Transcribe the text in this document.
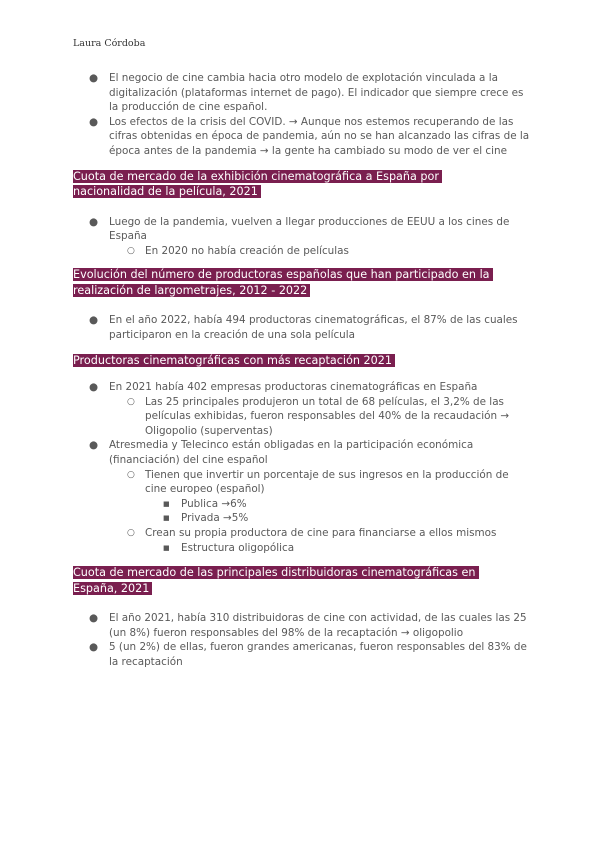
Laura Córdoba
● El negocio de cine cambia hacia otro modelo de explotación vinculada a la digitalización (plataformas internet de pago). El indicador que siempre crece es la producción de cine español.
● Los efectos de la crisis del COVID. → Aunque nos estemos recuperando de las cifras obtenidas en época de pandemia, aún no se han alcanzado las cifras de la época antes de la pandemia → la gente ha cambiado su modo de ver el cine
Cuota de mercado de la exhibición cinematográfica a España por nacionalidad de la película, 2021
● Luego de la pandemia, vuelven a llegar producciones de EEUU a los cines de España
○ En 2020 no había creación de películas
Evolución del número de productoras españolas que han participado en la realización de largometrajes, 2012 - 2022
● En el año 2022, había 494 productoras cinematográficas, el 87% de las cuales participaron en la creación de una sola película
Productoras cinematográficas con más recaptación 2021
● En 2021 había 402 empresas productoras cinematográficas en España
○ Las 25 principales produjeron un total de 68 películas, el 3,2% de las películas exhibidas, fueron responsables del 40% de la recaudación → Oligopolio (superventas)
● Atresmedia y Telecinco están obligadas en la participación económica (financiación) del cine español
○ Tienen que invertir un porcentaje de sus ingresos en la producción de cine europeo (español)
■ Publica →6%
■ Privada →5%
○ Crean su propia productora de cine para financiarse a ellos mismos
■ Estructura oligopólica
Cuota de mercado de las principales distribuidoras cinematográficas en España, 2021
● El año 2021, había 310 distribuidoras de cine con actividad, de las cuales las 25 (un 8%) fueron responsables del 98% de la recaptación → oligopolio
● 5 (un 2%) de ellas, fueron grandes americanas, fueron responsables del 83% de la recaptación
